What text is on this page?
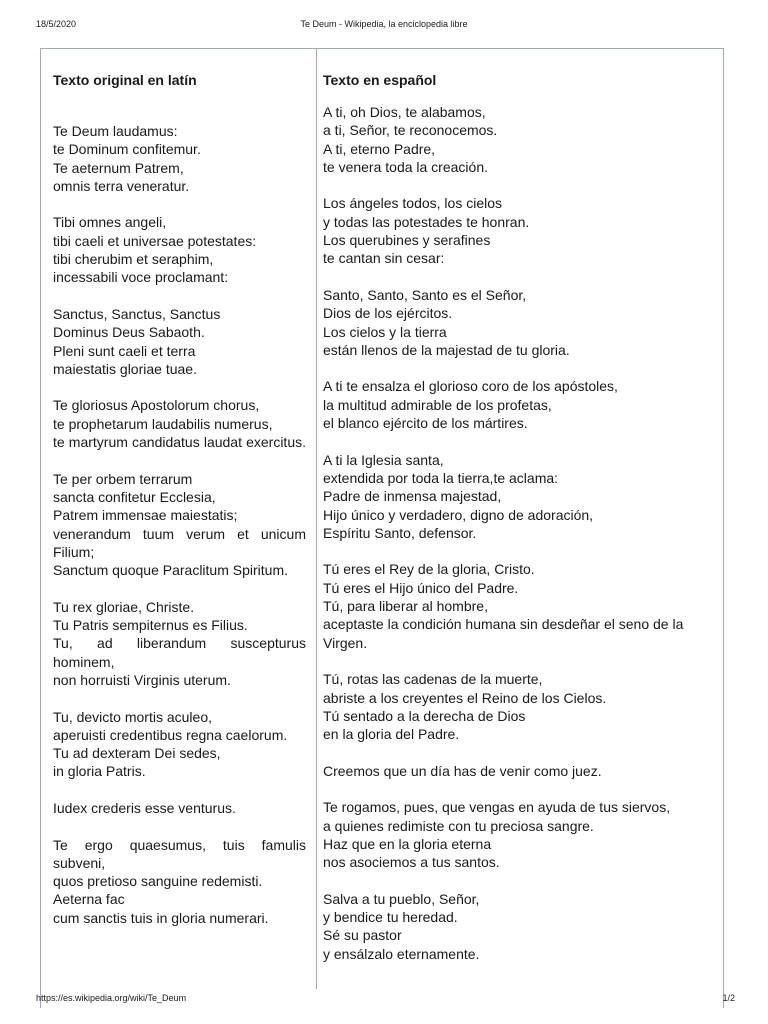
18/5/2020	Te Deum - Wikipedia, la enciclopedia libre
Texto original en latín
Te Deum laudamus:
te Dominum confitemur.
Te aeternum Patrem,
omnis terra veneratur.
Tibi omnes angeli,
tibi caeli et universae potestates:
tibi cherubim et seraphim,
incessabili voce proclamant:
Sanctus, Sanctus, Sanctus
Dominus Deus Sabaoth.
Pleni sunt caeli et terra
maiestatis gloriae tuae.
Te gloriosus Apostolorum chorus,
te prophetarum laudabilis numerus,
te martyrum candidatus laudat exercitus.
Te per orbem terrarum
sancta confitetur Ecclesia,
Patrem immensae maiestatis;
venerandum tuum verum et unicum Filium;
Sanctum quoque Paraclitum Spiritum.
Tu rex gloriae, Christe.
Tu Patris sempiternus es Filius.
Tu, ad liberandum suscepturus hominem,
non horruisti Virginis uterum.
Tu, devicto mortis aculeo,
aperuisti credentibus regna caelorum.
Tu ad dexteram Dei sedes,
in gloria Patris.
Iudex crederis esse venturus.
Te ergo quaesumus, tuis famulis subveni,
quos pretioso sanguine redemisti.
Aeterna fac
cum sanctis tuis in gloria numerari.
Texto en español
A ti, oh Dios, te alabamos,
a ti, Señor, te reconocemos.
A ti, eterno Padre,
te venera toda la creación.
Los ángeles todos, los cielos
y todas las potestades te honran.
Los querubines y serafines
te cantan sin cesar:
Santo, Santo, Santo es el Señor,
Dios de los ejércitos.
Los cielos y la tierra
están llenos de la majestad de tu gloria.
A ti te ensalza el glorioso coro de los apóstoles,
la multitud admirable de los profetas,
el blanco ejército de los mártires.
A ti la Iglesia santa,
extendida por toda la tierra,te aclama:
Padre de inmensa majestad,
Hijo único y verdadero, digno de adoración,
Espíritu Santo, defensor.
Tú eres el Rey de la gloria, Cristo.
Tú eres el Hijo único del Padre.
Tú, para liberar al hombre,
aceptaste la condición humana sin desdeñar el seno de la Virgen.
Tú, rotas las cadenas de la muerte,
abriste a los creyentes el Reino de los Cielos.
Tú sentado a la derecha de Dios
en la gloria del Padre.
Creemos que un día has de venir como juez.
Te rogamos, pues, que vengas en ayuda de tus siervos,
a quienes redimiste con tu preciosa sangre.
Haz que en la gloria eterna
nos asociemos a tus santos.
Salva a tu pueblo, Señor,
y bendice tu heredad.
Sé su pastor
y ensálzalo eternamente.
https://es.wikipedia.org/wiki/Te_Deum	1/2
